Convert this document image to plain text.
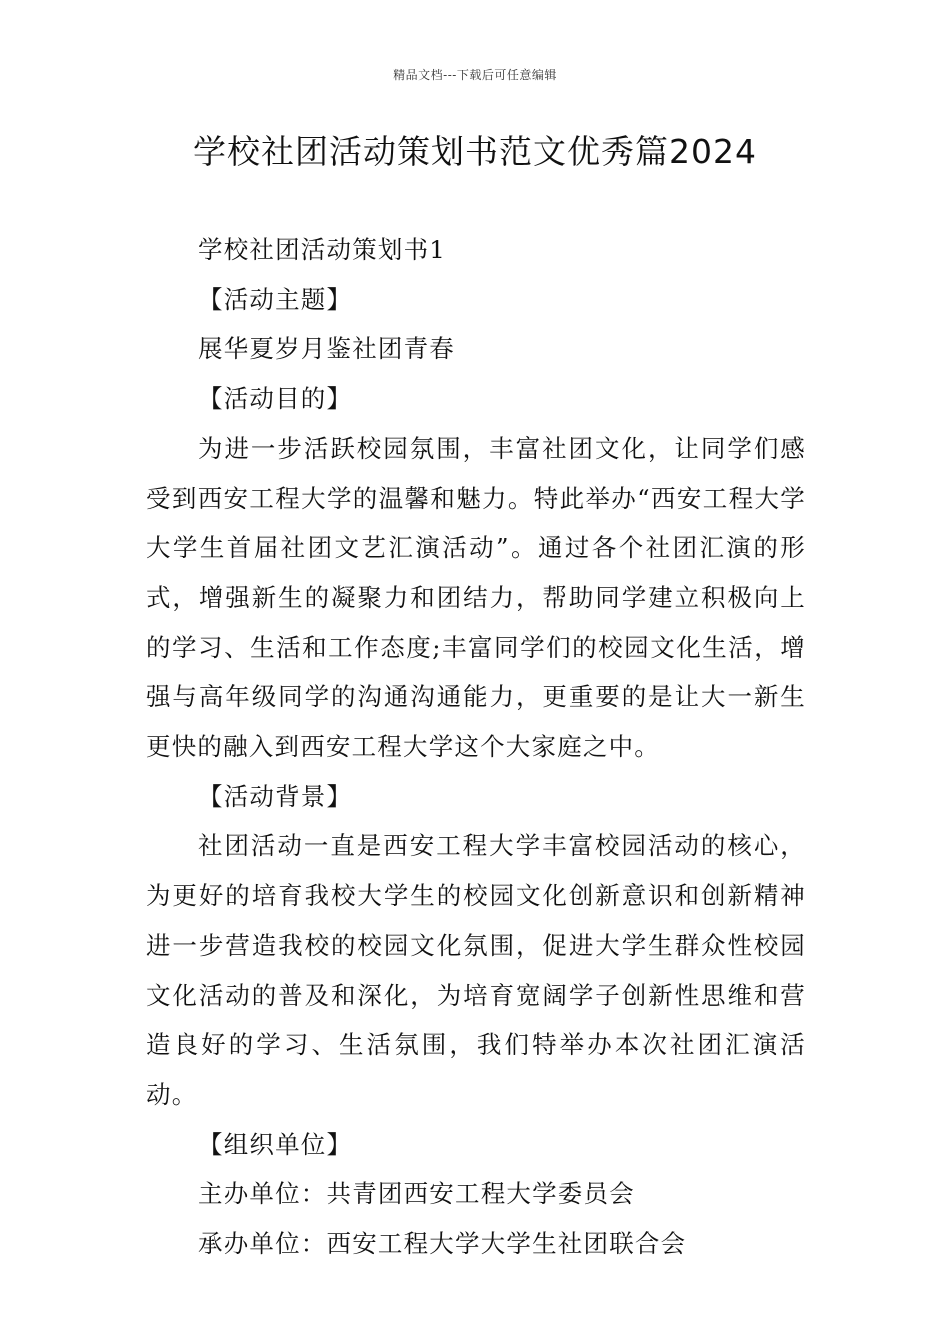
精品文档---下载后可任意编辑
学校社团活动策划书范文优秀篇2024

学校社团活动策划书1

【活动主题】

展华夏岁月鉴社团青春

【活动目的】

为进一步活跃校园氛围，丰富社团文化，让同学们感受到西安工程大学的温馨和魅力。特此举办“西安工程大学大学生首届社团文艺汇演活动”。通过各个社团汇演的形式，增强新生的凝聚力和团结力，帮助同学建立积极向上的学习、生活和工作态度;丰富同学们的校园文化生活，增强与高年级同学的沟通沟通能力，更重要的是让大一新生更快的融入到西安工程大学这个大家庭之中。

【活动背景】

社团活动一直是西安工程大学丰富校园活动的核心，为更好的培育我校大学生的校园文化创新意识和创新精神进一步营造我校的校园文化氛围，促进大学生群众性校园文化活动的普及和深化，为培育宽阔学子创新性思维和营造良好的学习、生活氛围，我们特举办本次社团汇演活动。

【组织单位】

主办单位：共青团西安工程大学委员会

承办单位：西安工程大学大学生社团联合会
